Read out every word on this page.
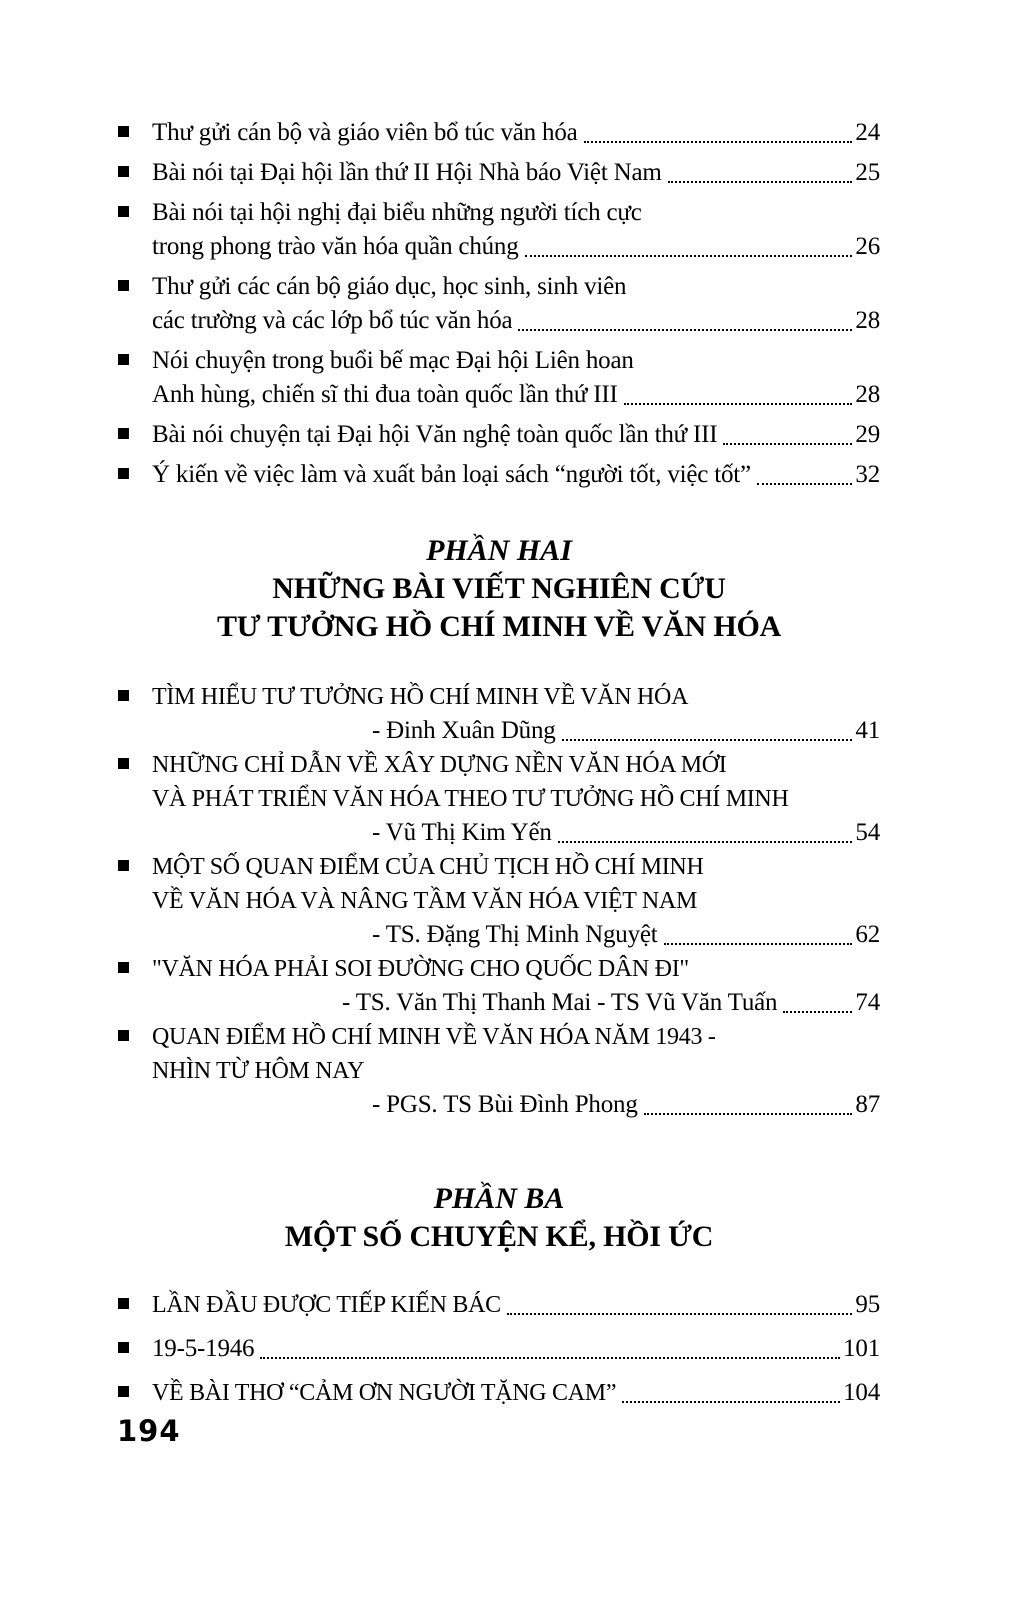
Thư gửi cán bộ và giáo viên bổ túc văn hóa	24
Bài nói tại Đại hội lần thứ II Hội Nhà báo Việt Nam	25
Bài nói tại hội nghị đại biểu những người tích cực
trong phong trào văn hóa quần chúng	26
Thư gửi các cán bộ giáo dục, học sinh, sinh viên
các trường và các lớp bổ túc văn hóa	28
Nói chuyện trong buổi bế mạc Đại hội Liên hoan
Anh hùng, chiến sĩ thi đua toàn quốc lần thứ III	28
Bài nói chuyện tại Đại hội Văn nghệ toàn quốc lần thứ III	29
Ý kiến về việc làm và xuất bản loại sách “người tốt, việc tốt”	32
PHẦN HAI
NHỮNG BÀI VIẾT NGHIÊN CỨU
TƯ TƯỞNG HỒ CHÍ MINH VỀ VĂN HÓA
TÌM HIỂU TƯ TƯỞNG HỒ CHÍ MINH VỀ VĂN HÓA
- Đinh Xuân Dũng	41
NHỮNG CHỈ DẪN VỀ XÂY DỰNG NỀN VĂN HÓA MỚI
VÀ PHÁT TRIỂN VĂN HÓA THEO TƯ TƯỞNG HỒ CHÍ MINH
- Vũ Thị Kim Yến	54
MỘT SỐ QUAN ĐIỂM CỦA CHỦ TỊCH HỒ CHÍ MINH
VỀ VĂN HÓA VÀ NÂNG TẦM VĂN HÓA VIỆT NAM
- TS. Đặng Thị Minh Nguyệt	62
"VĂN HÓA PHẢI SOI ĐƯỜNG CHO QUỐC DÂN ĐI"
- TS. Văn Thị Thanh Mai - TS Vũ Văn Tuấn	74
QUAN ĐIỂM HỒ CHÍ MINH VỀ VĂN HÓA NĂM 1943 -
NHÌN TỪ HÔM NAY
- PGS. TS Bùi Đình Phong	87
PHẦN BA
MỘT SỐ CHUYỆN KỂ, HỒI ỨC
LẦN ĐẦU ĐƯỢC TIẾP KIẾN BÁC	95
19-5-1946	101
VỀ BÀI THƠ “CẢM ƠN NGƯỜI TẶNG CAM”	104
194
